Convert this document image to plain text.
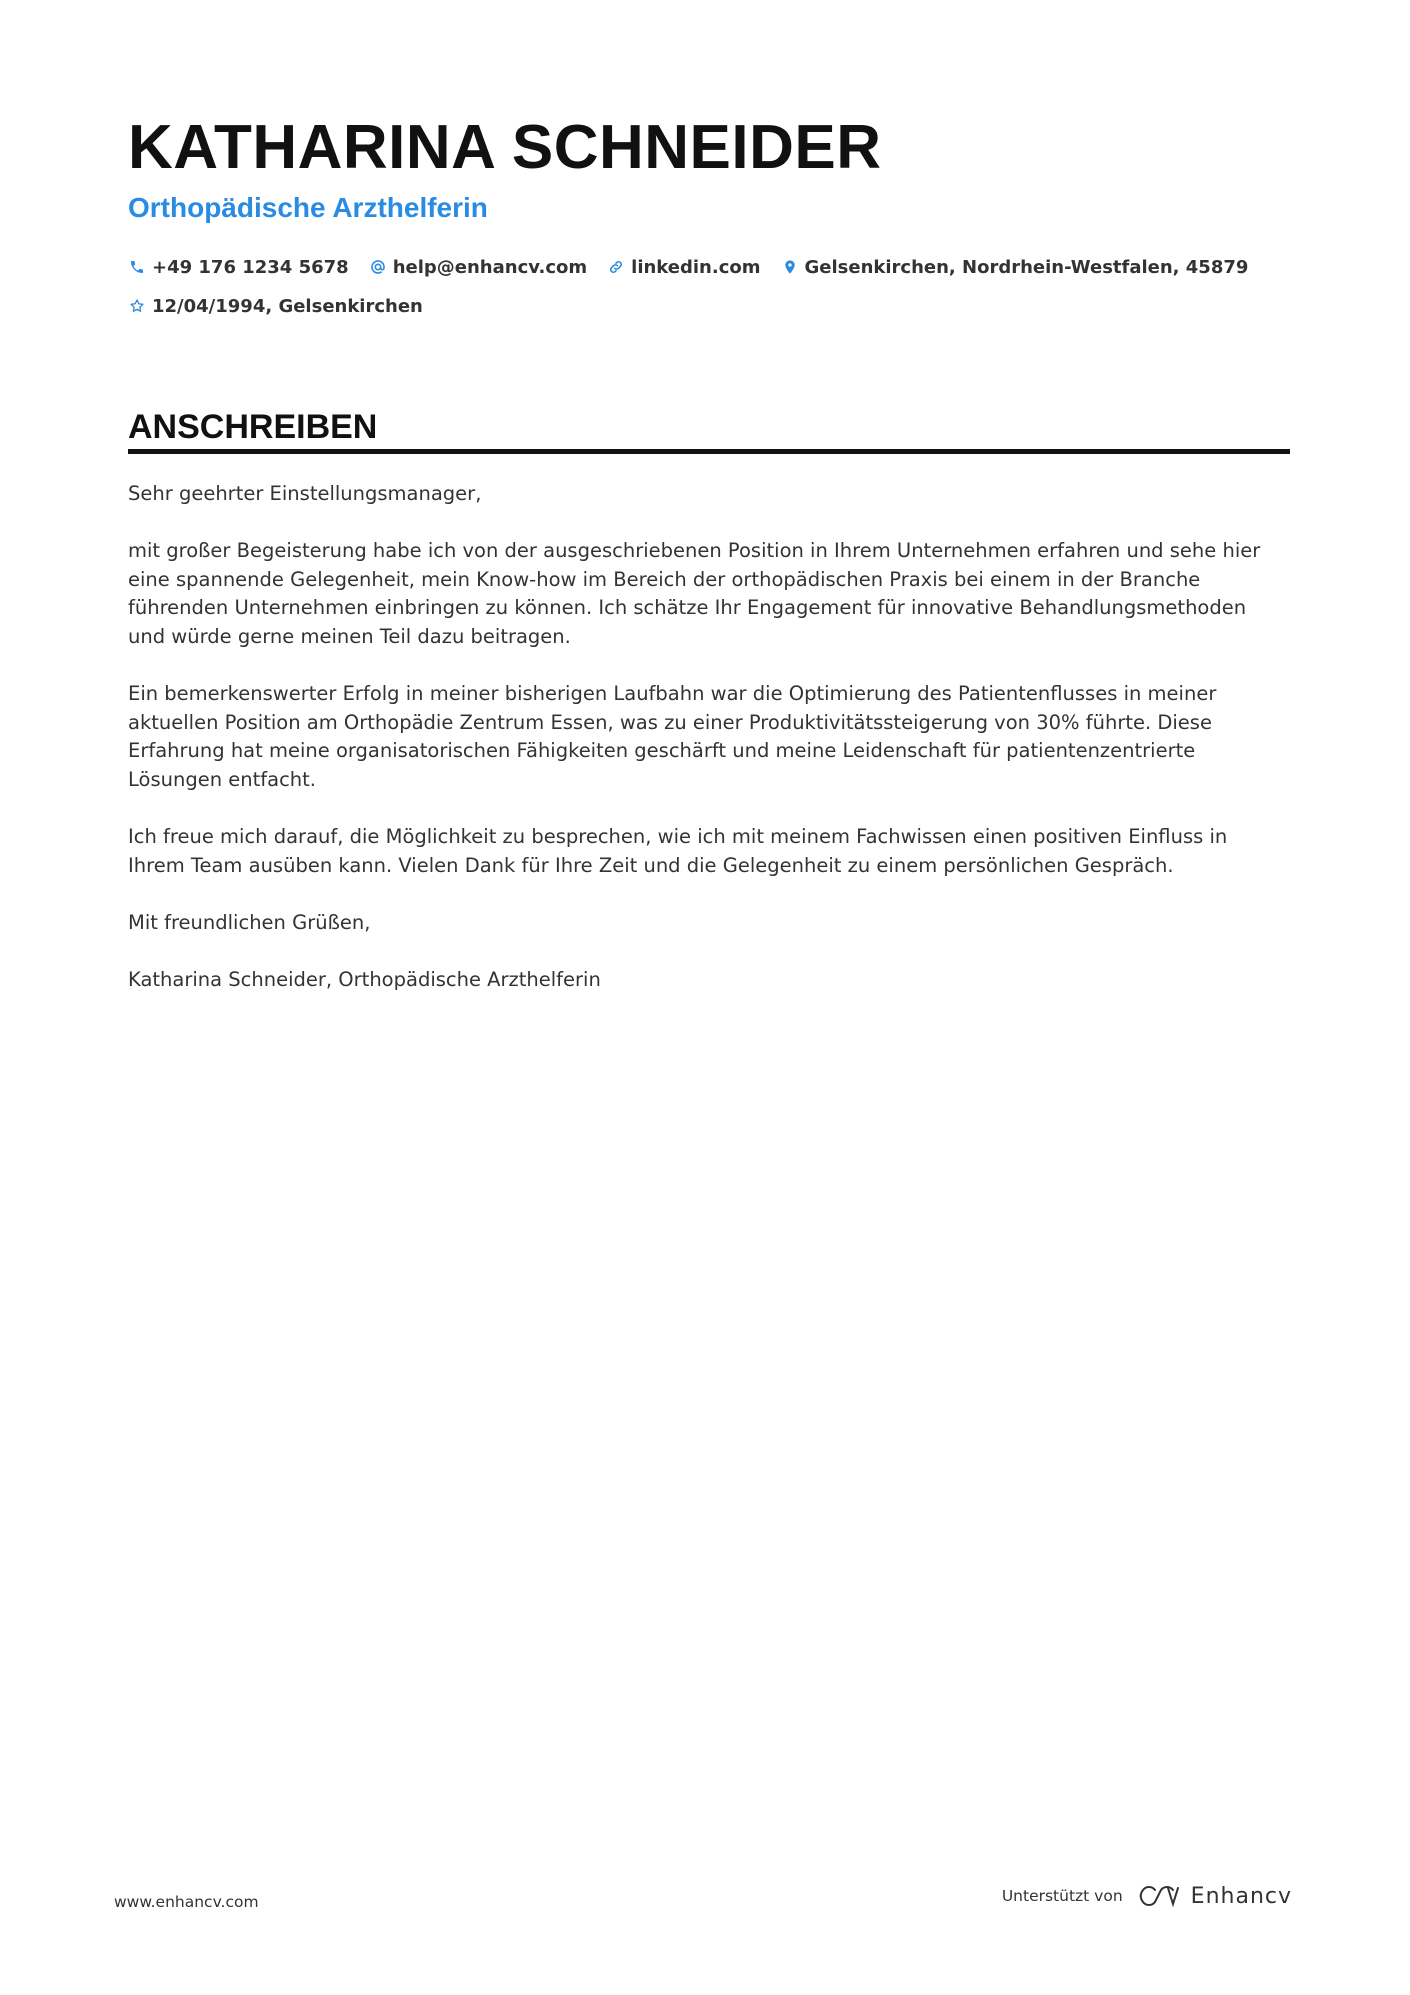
KATHARINA SCHNEIDER
Orthopädische Arzthelferin
+49 176 1234 5678 help@enhancv.com linkedin.com Gelsenkirchen, Nordrhein-Westfalen, 45879
12/04/1994, Gelsenkirchen
ANSCHREIBEN

Sehr geehrter Einstellungsmanager,

mit großer Begeisterung habe ich von der ausgeschriebenen Position in Ihrem Unternehmen erfahren und sehe hier eine spannende Gelegenheit, mein Know-how im Bereich der orthopädischen Praxis bei einem in der Branche führenden Unternehmen einbringen zu können. Ich schätze Ihr Engagement für innovative Behandlungsmethoden und würde gerne meinen Teil dazu beitragen.

Ein bemerkenswerter Erfolg in meiner bisherigen Laufbahn war die Optimierung des Patientenflusses in meiner aktuellen Position am Orthopädie Zentrum Essen, was zu einer Produktivitätssteigerung von 30% führte. Diese Erfahrung hat meine organisatorischen Fähigkeiten geschärft und meine Leidenschaft für patientenzentrierte Lösungen entfacht.

Ich freue mich darauf, die Möglichkeit zu besprechen, wie ich mit meinem Fachwissen einen positiven Einfluss in Ihrem Team ausüben kann. Vielen Dank für Ihre Zeit und die Gelegenheit zu einem persönlichen Gespräch.

Mit freundlichen Grüßen,

Katharina Schneider, Orthopädische Arzthelferin

www.enhancv.com	Unterstützt von	Enhancv
